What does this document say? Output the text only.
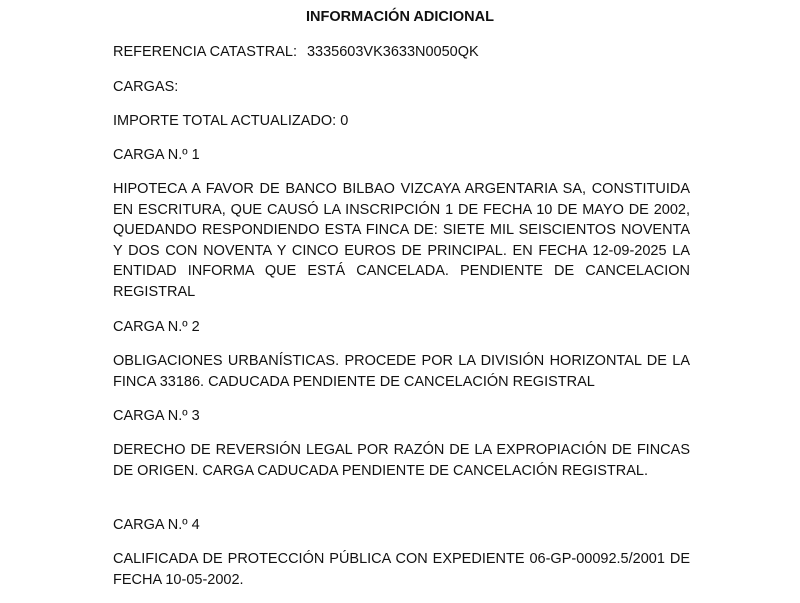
INFORMACIÓN ADICIONAL
REFERENCIA CATASTRAL: 3335603VK3633N0050QK
CARGAS:
IMPORTE TOTAL ACTUALIZADO: 0
CARGA N.º 1
HIPOTECA A FAVOR DE BANCO BILBAO VIZCAYA ARGENTARIA SA, CONSTITUIDA EN ESCRITURA, QUE CAUSÓ LA INSCRIPCIÓN 1 DE FECHA 10 DE MAYO DE 2002, QUEDANDO RESPONDIENDO ESTA FINCA DE: SIETE MIL SEISCIENTOS NOVENTA Y DOS CON NOVENTA Y CINCO EUROS DE PRINCIPAL. EN FECHA 12-09-2025 LA ENTIDAD INFORMA QUE ESTÁ CANCELADA. PENDIENTE DE CANCELACION REGISTRAL
CARGA N.º 2
OBLIGACIONES URBANÍSTICAS. PROCEDE POR LA DIVISIÓN HORIZONTAL DE LA FINCA 33186. CADUCADA PENDIENTE DE CANCELACIÓN REGISTRAL
CARGA N.º 3
DERECHO DE REVERSIÓN LEGAL POR RAZÓN DE LA EXPROPIACIÓN DE FINCAS DE ORIGEN. CARGA CADUCADA PENDIENTE DE CANCELACIÓN REGISTRAL.
CARGA N.º 4
CALIFICADA DE PROTECCIÓN PÚBLICA CON EXPEDIENTE 06-GP-00092.5/2001 DE FECHA 10-05-2002.
